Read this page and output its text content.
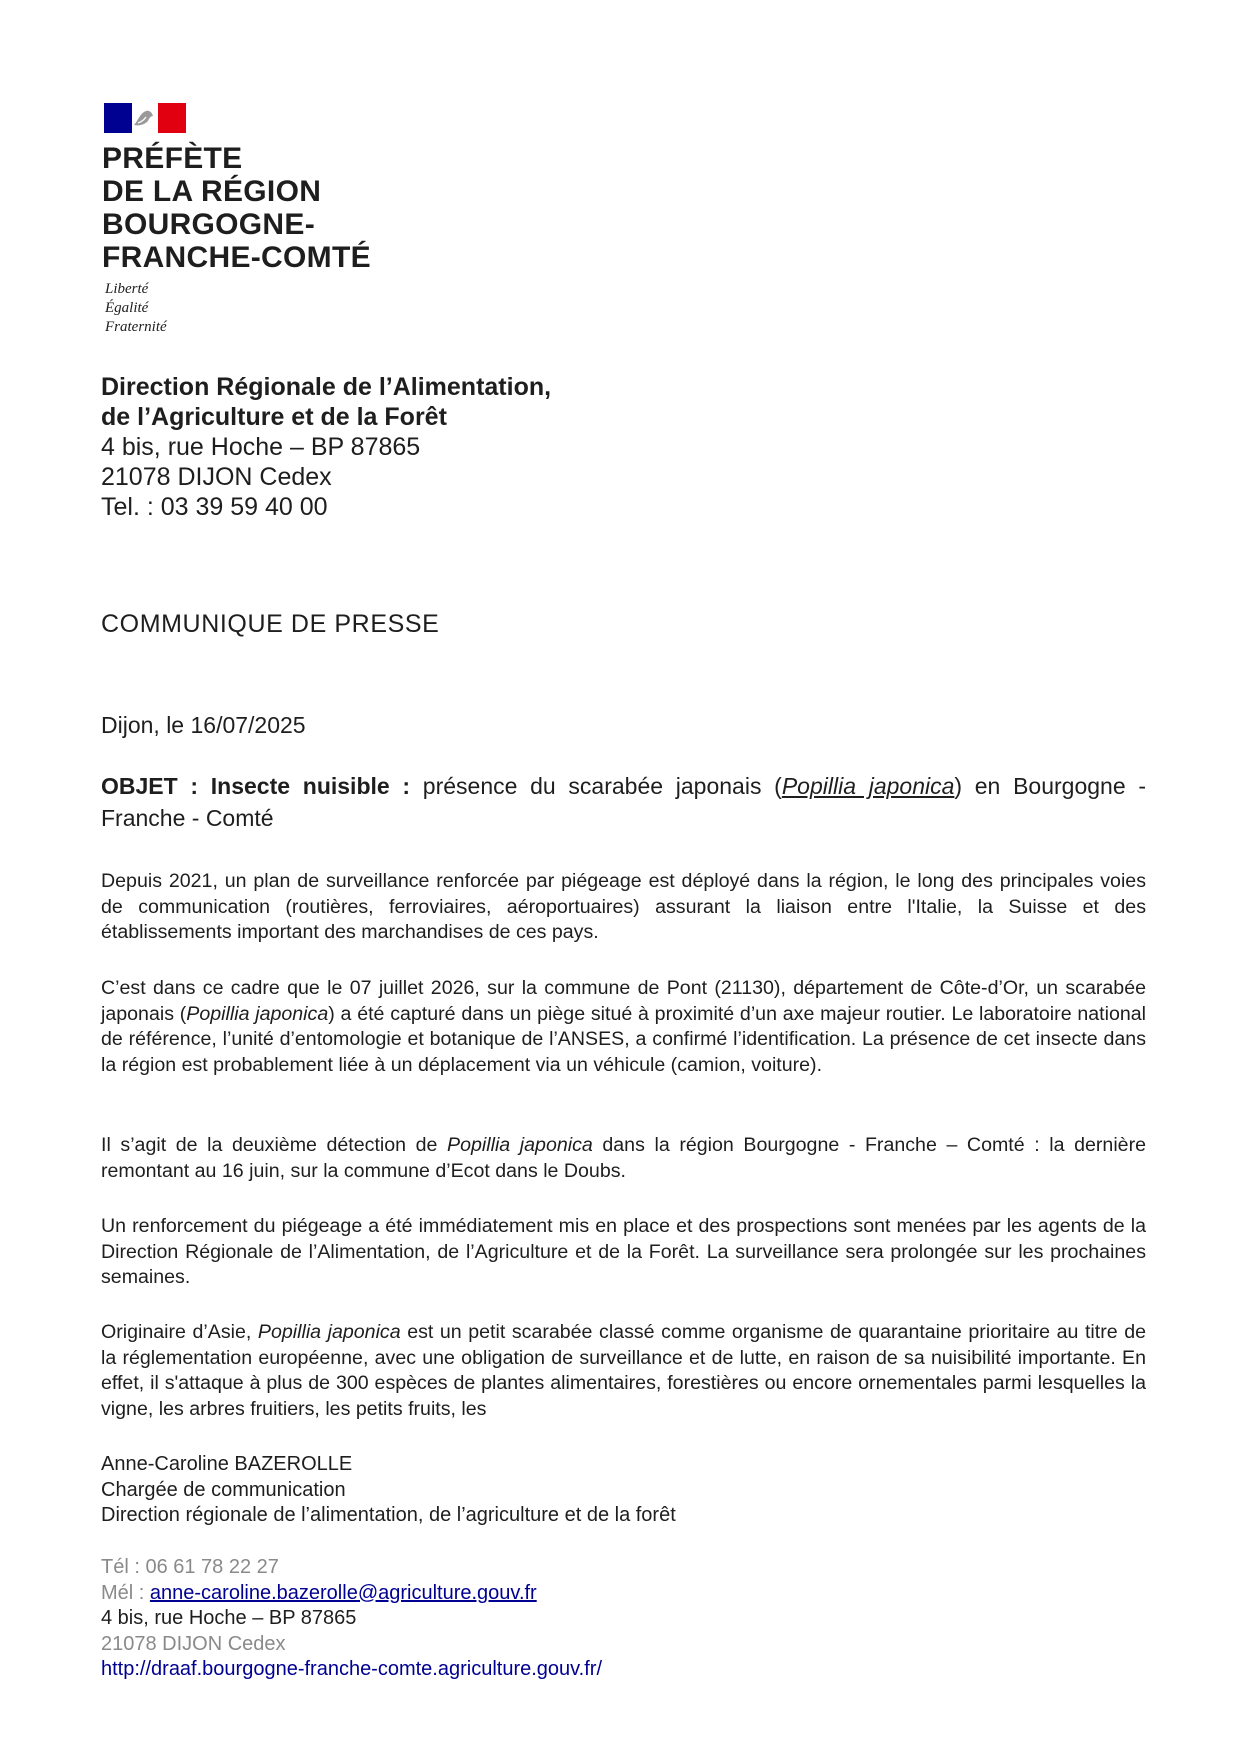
PRÉFÈTE
DE LA RÉGION
BOURGOGNE-
FRANCHE-COMTÉ
Liberté
Égalité
Fraternité
Direction Régionale de l’Alimentation,
de l’Agriculture et de la Forêt
4 bis, rue Hoche – BP 87865
21078 DIJON Cedex
Tel. : 03 39 59 40 00
COMMUNIQUE DE PRESSE
Dijon, le 16/07/2025
OBJET : Insecte nuisible : présence du scarabée japonais (Popillia japonica) en Bourgogne - Franche - Comté

Depuis 2021, un plan de surveillance renforcée par piégeage est déployé dans la région, le long des principales voies de communication (routières, ferroviaires, aéroportuaires) assurant la liaison entre l'Italie, la Suisse et des établissements important des marchandises de ces pays.

C’est dans ce cadre que le 07 juillet 2026, sur la commune de Pont (21130), département de Côte-d’Or, un scarabée japonais (Popillia japonica) a été capturé dans un piège situé à proximité d’un axe majeur routier. Le laboratoire national de référence, l’unité d’entomologie et botanique de l’ANSES, a confirmé l’identification. La présence de cet insecte dans la région est probablement liée à un déplacement via un véhicule (camion, voiture).

Il s’agit de la deuxième détection de Popillia japonica dans la région Bourgogne - Franche – Comté : la dernière remontant au 16 juin, sur la commune d’Ecot dans le Doubs.

Un renforcement du piégeage a été immédiatement mis en place et des prospections sont menées par les agents de la Direction Régionale de l’Alimentation, de l’Agriculture et de la Forêt. La surveillance sera prolongée sur les prochaines semaines.

Originaire d’Asie, Popillia japonica est un petit scarabée classé comme organisme de quarantaine prioritaire au titre de la réglementation européenne, avec une obligation de surveillance et de lutte, en raison de sa nuisibilité importante. En effet, il s'attaque à plus de 300 espèces de plantes alimentaires, forestières ou encore ornementales parmi lesquelles la vigne, les arbres fruitiers, les petits fruits, les

Anne-Caroline BAZEROLLE
Chargée de communication
Direction régionale de l’alimentation, de l’agriculture et de la forêt
Tél : 06 61 78 22 27
Mél : anne-caroline.bazerolle@agriculture.gouv.fr
4 bis, rue Hoche – BP 87865
21078 DIJON Cedex
http://draaf.bourgogne-franche-comte.agriculture.gouv.fr/
